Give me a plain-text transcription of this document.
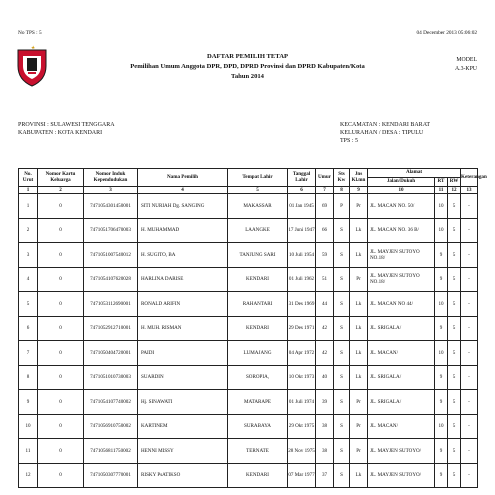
No TPS : 5	04 December 2013 05:06:02
DAFTAR PEMILIH TETAP
Pemilihan Umum Anggota DPR, DPD, DPRD Provinsi dan DPRD Kabupaten/Kota
Tahun 2014
MODEL
A.3-KPU
PROVINSI : SULAWESI TENGGARA
KABUPATEN : KOTA KENDARI
KECAMATAN : KENDARI BARAT
KELURAHAN / DESA : TIPULU
TPS : 5
No. Urut	Nomor Kartu Keluarga	Nomor Induk Kependudukan	Nama Pemilih	Tempat Lahir	Tanggal Lahir	Umur	Sts Kw	Jns Kl.mn	Alamat			Keterangan
									Jalan/Dukuh	RT	RW	
1	2	3	4	5	6	7	8	9	10	11	12	13
1	0	7471054301450001	SITI NURIAH Dg. SANGING	MAKASSAR	01 Jan 1945	69	P	Pr	JL. MACAN NO. 50/	10	5	-
2	0	7471051706470003	H. MUHAMMAD	LAANGKE	17 Juni 1947	66	S	Lk	JL. MACAN NO. 36 B/	10	5	-
3	0	7471051007540012	H. SUGITO, BA	TANJUNG SARI	10 Juli 1954	59	S	Lk	JL. MAYJEN SUTOYO NO.18/	9	5	-
4	0	7471054107620028	HARLINA DARISE	KENDARI	01 Juli 1962	51	S	Pr	JL. MAYJEN SUTOYO NO.18/	9	5	-
5	0	7471053112690001	RONALD ARIFIN	RAHANTARI	31 Des 1969	44	S	Lk	JL. MACAN NO 44/	10	5	-
6	0	7471052912710001	H. MUH. RISMAN	KENDARI	29 Des 1971	42	S	Lk	JL. SRIGALA/	9	5	-
7	0	7471050404720001	PAIDI	LUMAJANG	04 Apr 1972	42	S	Lk	JL. MACAN/	10	5	-
8	0	7471051010730003	SUARDIN	SOROPIA,	10 Okt 1973	40	S	Lk	JL. SRIGALA/	9	5	-
9	0	7471054107740002	Hj. SINAWATI	MATARAPE	01 Juli 1974	39	S	Pr	JL. SRIGALA/	9	5	-
10	0	7471056910750002	KARTINEM	SURABAYA	29 Okt 1975	38	S	Pr	JL. MACAN/	10	5	-
11	0	7471056811750002	HENNI MISSY	TERNATE	28 Nov 1975	38	S	Pr	JL. MAYJEN SUTOYO/	9	5	-
12	0	7471050307770001	RISKY PsATIKSO	KENDARI	07 Mar 1977	37	S	Lk	JL. MAYJEN SUTOYO/	9	5	-
